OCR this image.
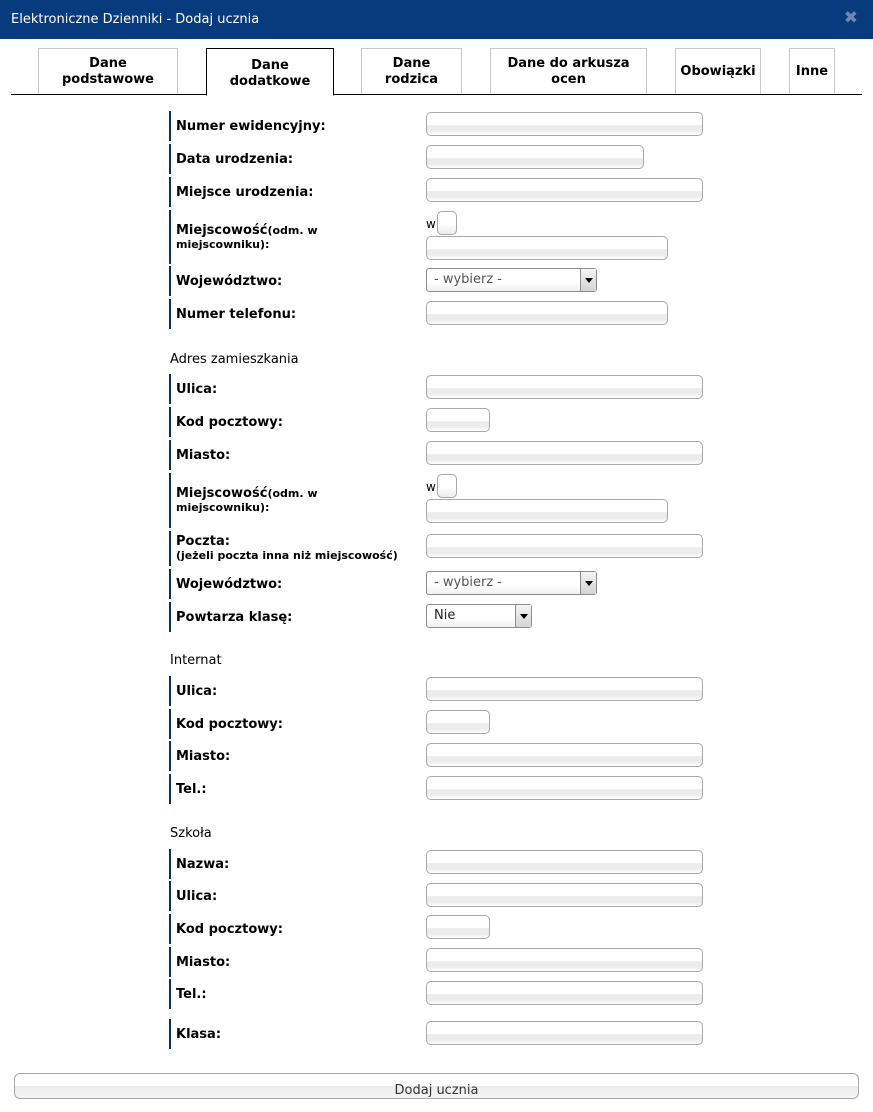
Elektroniczne Dzienniki - Dodaj ucznia	✖
Dane
podstawowe
Dane
dodatkowe
Dane
rodzica
Dane do arkusza
ocen
Obowiązki	Inne
Numer ewidencyjny:
Data urodzenia:
Miejsce urodzenia:
Miejscowość(odm. w
miejscowniku):
w
Województwo:	- wybierz -
Numer telefonu:
Adres zamieszkania
Ulica:
Kod pocztowy:
Miasto:
Miejscowość(odm. w
miejscowniku):
w
Poczta:
(jeżeli poczta inna niż miejscowość)
Województwo:	- wybierz -
Powtarza klasę:	Nie
Internat
Ulica:
Kod pocztowy:
Miasto:
Tel.:
Szkoła
Nazwa:
Ulica:
Kod pocztowy:
Miasto:
Tel.:
Klasa:
Dodaj ucznia
